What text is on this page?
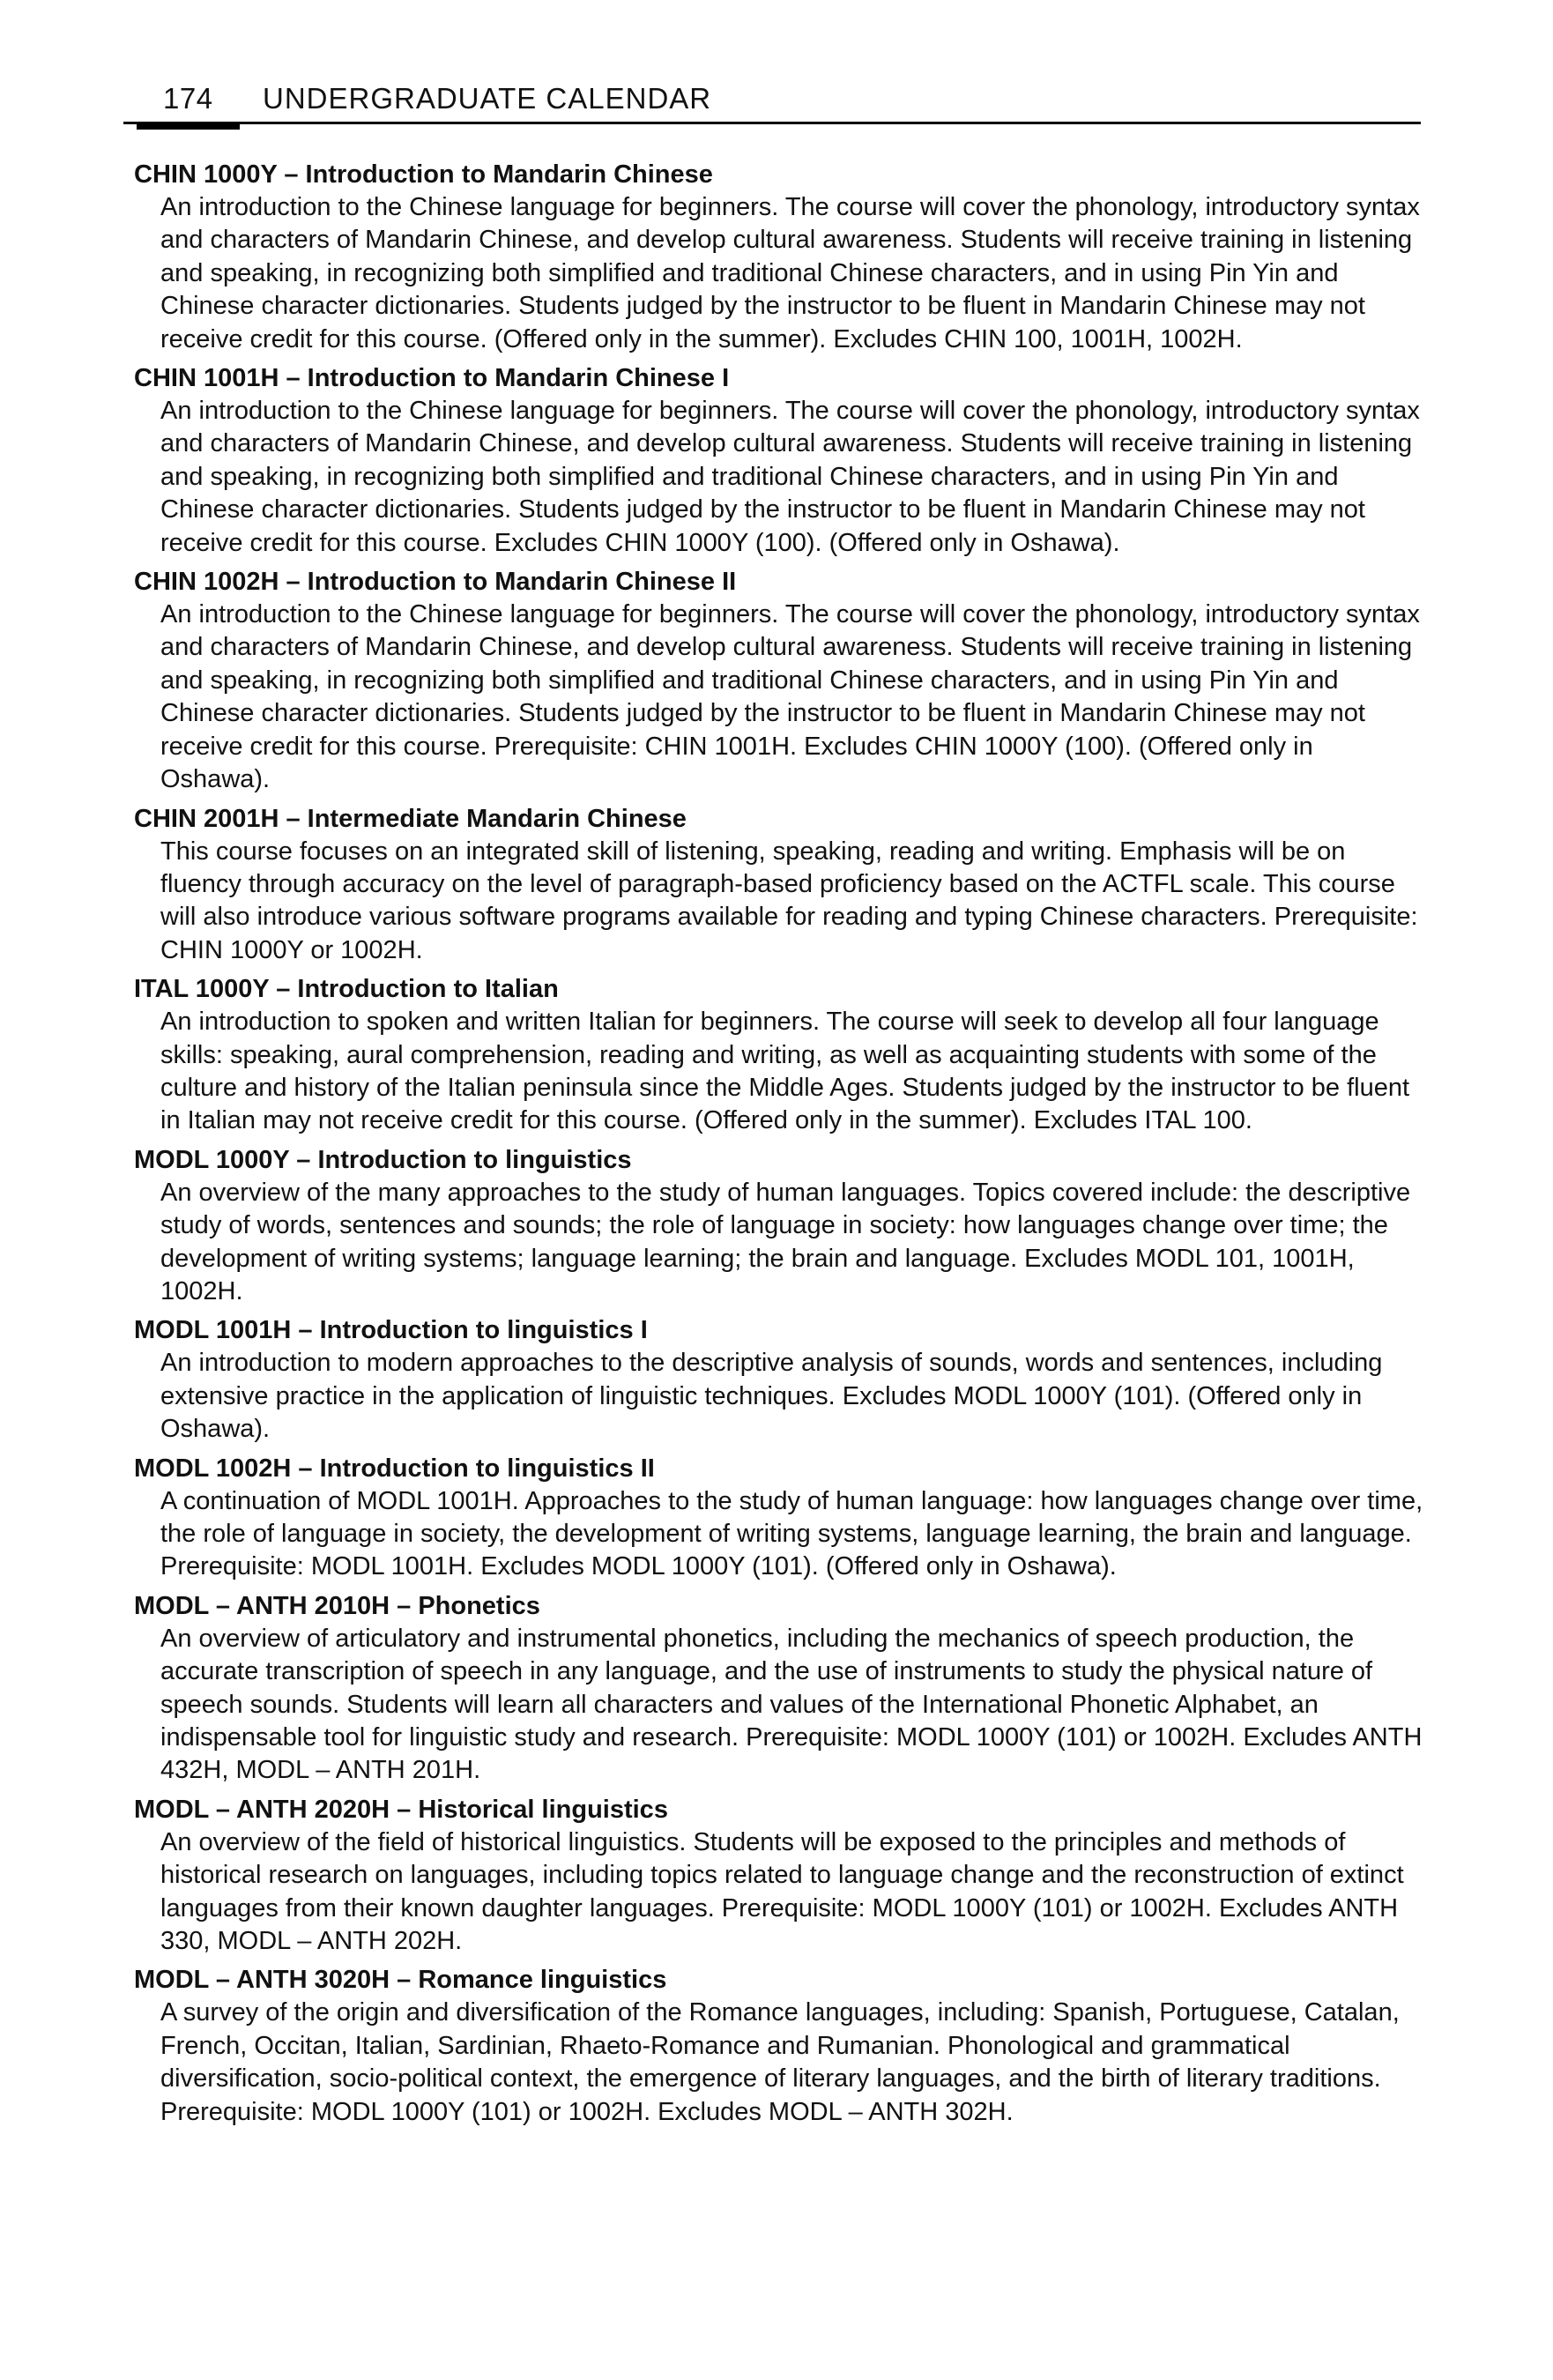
174 UNDERGRADUATE CALENDAR
CHIN 1000Y – Introduction to Mandarin Chinese
An introduction to the Chinese language for beginners. The course will cover the phonology, introductory syntax and characters of Mandarin Chinese, and develop cultural awareness. Students will receive training in listening and speaking, in recognizing both simplified and traditional Chinese characters, and in using Pin Yin and Chinese character dictionaries. Students judged by the instructor to be fluent in Mandarin Chinese may not receive credit for this course. (Offered only in the summer). Excludes CHIN 100, 1001H, 1002H.
CHIN 1001H – Introduction to Mandarin Chinese I
An introduction to the Chinese language for beginners. The course will cover the phonology, introductory syntax and characters of Mandarin Chinese, and develop cultural awareness. Students will receive training in listening and speaking, in recognizing both simplified and traditional Chinese characters, and in using Pin Yin and Chinese character dictionaries. Students judged by the instructor to be fluent in Mandarin Chinese may not receive credit for this course. Excludes CHIN 1000Y (100). (Offered only in Oshawa).
CHIN 1002H – Introduction to Mandarin Chinese II
An introduction to the Chinese language for beginners. The course will cover the phonology, introductory syntax and characters of Mandarin Chinese, and develop cultural awareness. Students will receive training in listening and speaking, in recognizing both simplified and traditional Chinese characters, and in using Pin Yin and Chinese character dictionaries. Students judged by the instructor to be fluent in Mandarin Chinese may not receive credit for this course. Prerequisite: CHIN 1001H. Excludes CHIN 1000Y (100). (Offered only in Oshawa).
CHIN 2001H – Intermediate Mandarin Chinese
This course focuses on an integrated skill of listening, speaking, reading and writing. Emphasis will be on fluency through accuracy on the level of paragraph-based proficiency based on the ACTFL scale. This course will also introduce various software programs available for reading and typing Chinese characters. Prerequisite: CHIN 1000Y or 1002H.
ITAL 1000Y – Introduction to Italian
An introduction to spoken and written Italian for beginners. The course will seek to develop all four language skills: speaking, aural comprehension, reading and writing, as well as acquainting students with some of the culture and history of the Italian peninsula since the Middle Ages. Students judged by the instructor to be fluent in Italian may not receive credit for this course. (Offered only in the summer). Excludes ITAL 100.
MODL 1000Y – Introduction to linguistics
An overview of the many approaches to the study of human languages. Topics covered include: the descriptive study of words, sentences and sounds; the role of language in society: how languages change over time; the development of writing systems; language learning; the brain and language. Excludes MODL 101, 1001H, 1002H.
MODL 1001H – Introduction to linguistics I
An introduction to modern approaches to the descriptive analysis of sounds, words and sentences, including extensive practice in the application of linguistic techniques. Excludes MODL 1000Y (101). (Offered only in Oshawa).
MODL 1002H – Introduction to linguistics II
A continuation of MODL 1001H. Approaches to the study of human language: how languages change over time, the role of language in society, the development of writing systems, language learning, the brain and language. Prerequisite: MODL 1001H. Excludes MODL 1000Y (101). (Offered only in Oshawa).
MODL – ANTH 2010H – Phonetics
An overview of articulatory and instrumental phonetics, including the mechanics of speech production, the accurate transcription of speech in any language, and the use of instruments to study the physical nature of speech sounds. Students will learn all characters and values of the International Phonetic Alphabet, an indispensable tool for linguistic study and research. Prerequisite: MODL 1000Y (101) or 1002H. Excludes ANTH 432H, MODL – ANTH 201H.
MODL – ANTH 2020H – Historical linguistics
An overview of the field of historical linguistics. Students will be exposed to the principles and methods of historical research on languages, including topics related to language change and the reconstruction of extinct languages from their known daughter languages. Prerequisite: MODL 1000Y (101) or 1002H. Excludes ANTH 330, MODL – ANTH 202H.
MODL – ANTH 3020H – Romance linguistics
A survey of the origin and diversification of the Romance languages, including: Spanish, Portuguese, Catalan, French, Occitan, Italian, Sardinian, Rhaeto-Romance and Rumanian. Phonological and grammatical diversification, socio-political context, the emergence of literary languages, and the birth of literary traditions. Prerequisite: MODL 1000Y (101) or 1002H. Excludes MODL – ANTH 302H.
